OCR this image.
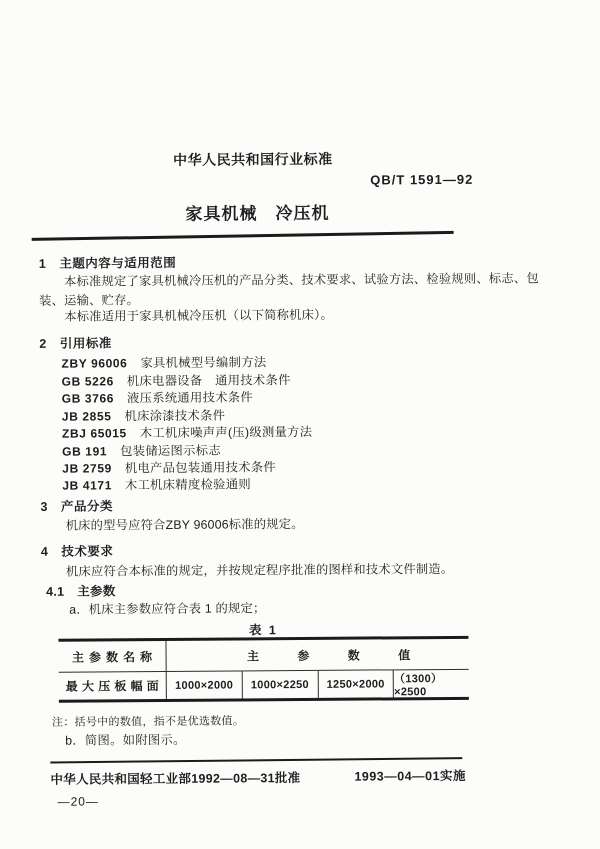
中华人民共和国行业标准
QB/T 1591—92
家具机械　冷压机
1　主题内容与适用范围
本标准规定了家具机械冷压机的产品分类、技术要求、试验方法、检验规则、标志、包装、运输、贮存。
本标准适用于家具机械冷压机（以下简称机床）。
2　引用标准
ZBY 96006 家具机械型号编制方法
GB 5226 机床电器设备　通用技术条件
GB 3766 液压系统通用技术条件
JB 2855 机床涂漆技术条件
ZBJ 65015 木工机床噪声声(压)级测量方法
GB 191 包装储运图示标志
JB 2759 机电产品包装通用技术条件
JB 4171 木工机床精度检验通则
3　产品分类
机床的型号应符合ZBY 96006标准的规定。
4　技术要求
机床应符合本标准的规定，并按规定程序批准的图样和技术文件制造。
4.1　主参数
a．机床主参数应符合表 1 的规定；
表 1
主参数名称	主参数值
最大压板幅面	1000×2000	1000×2250	1250×2000 （1300）×2500
注：括号中的数值，指不是优选数值。
b．简图。如附图示。
中华人民共和国轻工业部1992—08—31批准	1993—04—01实施
—20—
